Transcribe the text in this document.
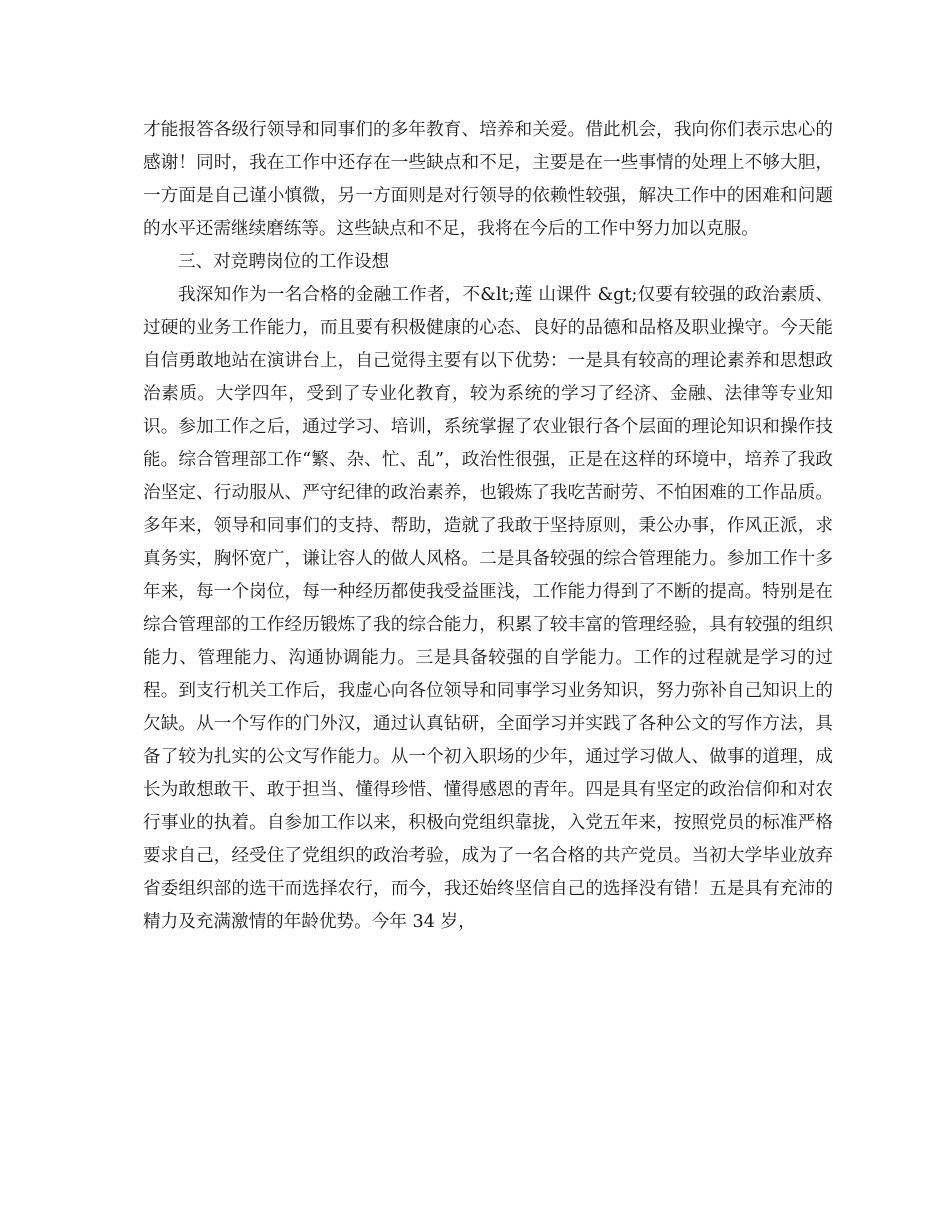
才能报答各级行领导和同事们的多年教育、培养和关爱。借此机会，我向你们表示忠心的感谢！同时，我在工作中还存在一些缺点和不足，主要是在一些事情的处理上不够大胆，一方面是自己谨小慎微，另一方面则是对行领导的依赖性较强，解决工作中的困难和问题的水平还需继续磨练等。这些缺点和不足，我将在今后的工作中努力加以克服。

三、对竞聘岗位的工作设想

我深知作为一名合格的金融工作者，不&lt;莲 山课件 &gt;仅要有较强的政治素质、过硬的业务工作能力，而且要有积极健康的心态、良好的品德和品格及职业操守。今天能自信勇敢地站在演讲台上，自己觉得主要有以下优势：一是具有较高的理论素养和思想政治素质。大学四年，受到了专业化教育，较为系统的学习了经济、金融、法律等专业知识。参加工作之后，通过学习、培训，系统掌握了农业银行各个层面的理论知识和操作技能。综合管理部工作“繁、杂、忙、乱”，政治性很强，正是在这样的环境中，培养了我政治坚定、行动服从、严守纪律的政治素养，也锻炼了我吃苦耐劳、不怕困难的工作品质。多年来，领导和同事们的支持、帮助，造就了我敢于坚持原则，秉公办事，作风正派，求真务实，胸怀宽广，谦让容人的做人风格。二是具备较强的综合管理能力。参加工作十多年来，每一个岗位，每一种经历都使我受益匪浅，工作能力得到了不断的提高。特别是在综合管理部的工作经历锻炼了我的综合能力，积累了较丰富的管理经验，具有较强的组织能力、管理能力、沟通协调能力。三是具备较强的自学能力。工作的过程就是学习的过程。到支行机关工作后，我虚心向各位领导和同事学习业务知识，努力弥补自己知识上的欠缺。从一个写作的门外汉，通过认真钻研，全面学习并实践了各种公文的写作方法，具备了较为扎实的公文写作能力。从一个初入职场的少年，通过学习做人、做事的道理，成长为敢想敢干、敢于担当、懂得珍惜、懂得感恩的青年。四是具有坚定的政治信仰和对农行事业的执着。自参加工作以来，积极向党组织靠拢，入党五年来，按照党员的标准严格要求自己，经受住了党组织的政治考验，成为了一名合格的共产党员。当初大学毕业放弃省委组织部的选干而选择农行，而今，我还始终坚信自己的选择没有错！五是具有充沛的精力及充满激情的年龄优势。今年 34 岁，
